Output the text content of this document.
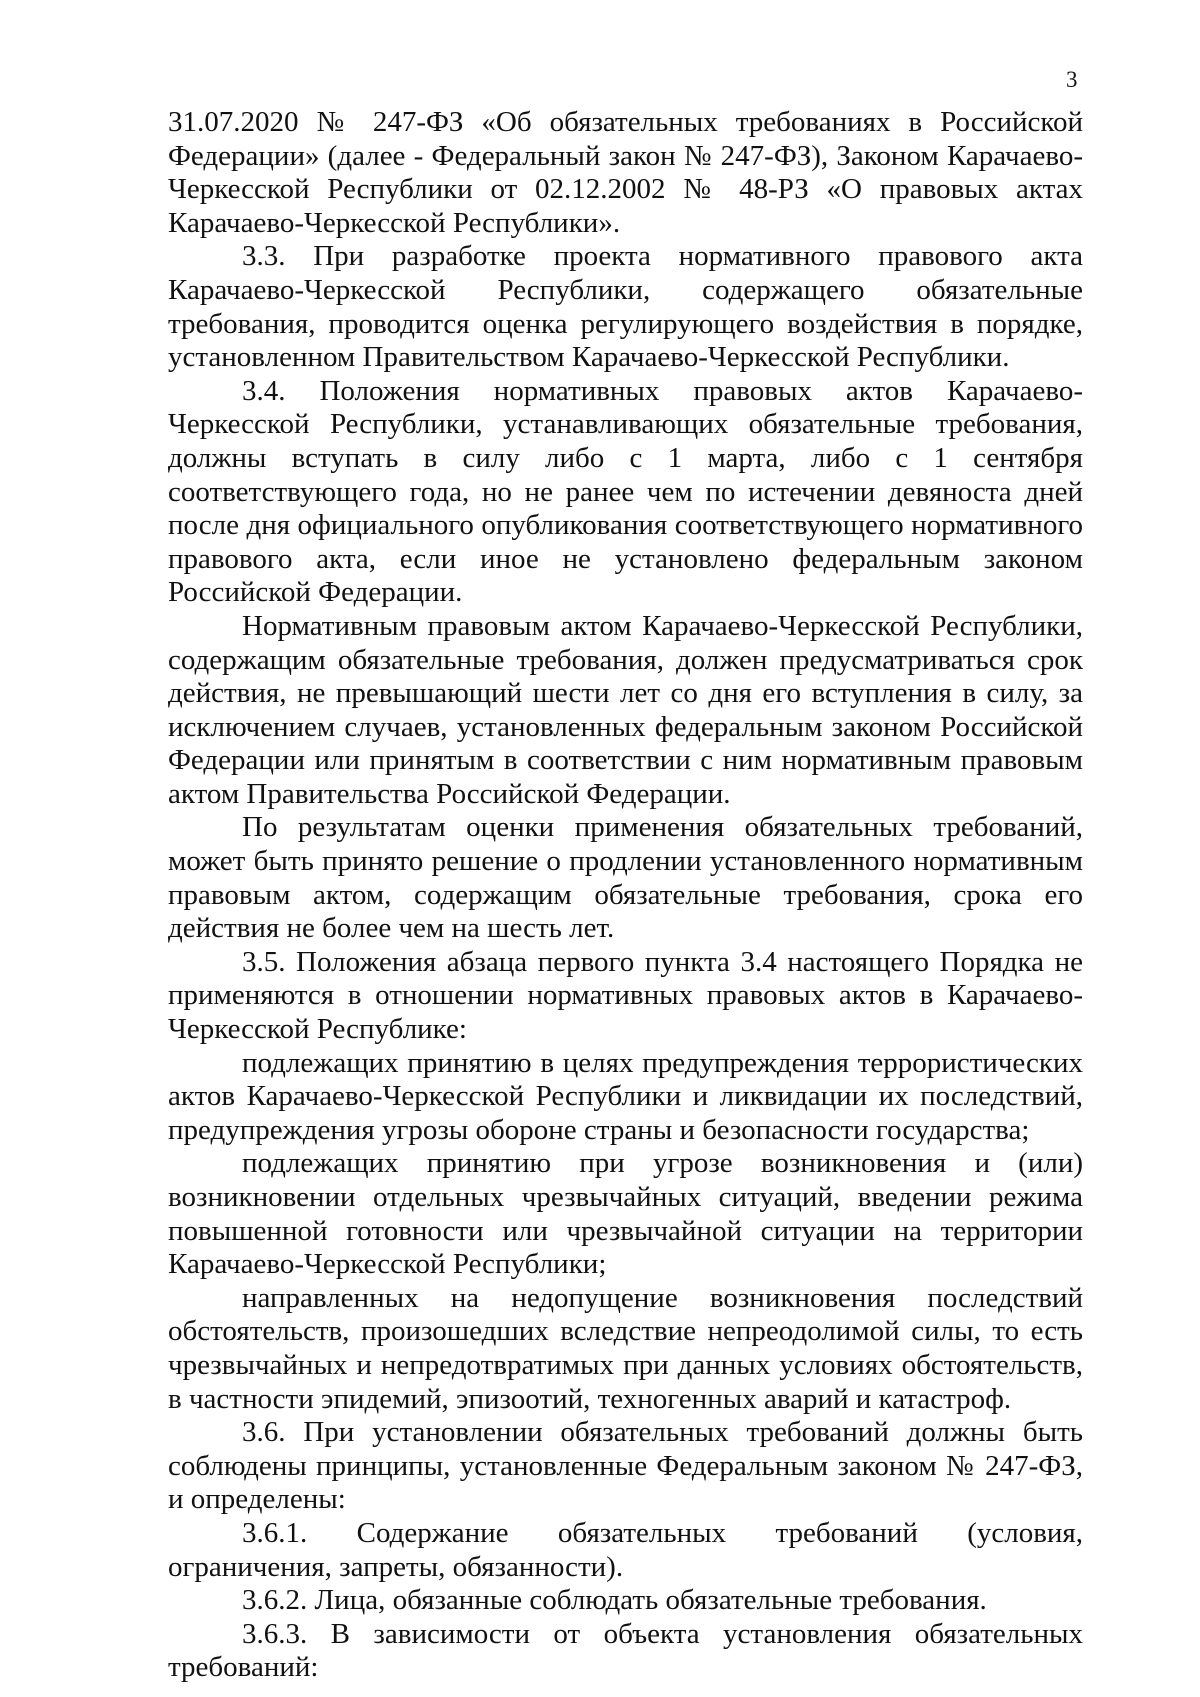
3

31.07.2020 № 247-ФЗ «Об обязательных требованиях в Российской Федерации» (далее - Федеральный закон № 247-ФЗ), Законом Карачаево-Черкесской Республики от 02.12.2002 № 48-РЗ «О правовых актах Карачаево-Черкесской Республики».

3.3. При разработке проекта нормативного правового акта Карачаево-Черкесской Республики, содержащего обязательные требования, проводится оценка регулирующего воздействия в порядке, установленном Правительством Карачаево-Черкесской Республики.

3.4. Положения нормативных правовых актов Карачаево-Черкесской Республики, устанавливающих обязательные требования, должны вступать в силу либо с 1 марта, либо с 1 сентября соответствующего года, но не ранее чем по истечении девяноста дней после дня официального опубликования соответствующего нормативного правового акта, если иное не установлено федеральным законом Российской Федерации.

Нормативным правовым актом Карачаево-Черкесской Республики, содержащим обязательные требования, должен предусматриваться срок действия, не превышающий шести лет со дня его вступления в силу, за исключением случаев, установленных федеральным законом Российской Федерации или принятым в соответствии с ним нормативным правовым актом Правительства Российской Федерации.

По результатам оценки применения обязательных требований, может быть принято решение о продлении установленного нормативным правовым актом, содержащим обязательные требования, срока его действия не более чем на шесть лет.

3.5. Положения абзаца первого пункта 3.4 настоящего Порядка не применяются в отношении нормативных правовых актов в Карачаево-Черкесской Республике:

подлежащих принятию в целях предупреждения террористических актов Карачаево-Черкесской Республики и ликвидации их последствий, предупреждения угрозы обороне страны и безопасности государства;

подлежащих принятию при угрозе возникновения и (или) возникновении отдельных чрезвычайных ситуаций, введении режима повышенной готовности или чрезвычайной ситуации на территории Карачаево-Черкесской Республики;

направленных на недопущение возникновения последствий обстоятельств, произошедших вследствие непреодолимой силы, то есть чрезвычайных и непредотвратимых при данных условиях обстоятельств, в частности эпидемий, эпизоотий, техногенных аварий и катастроф.

3.6. При установлении обязательных требований должны быть соблюдены принципы, установленные Федеральным законом № 247-ФЗ, и определены:

3.6.1. Содержание обязательных требований (условия, ограничения, запреты, обязанности).

3.6.2. Лица, обязанные соблюдать обязательные требования.

3.6.3. В зависимости от объекта установления обязательных требований:
